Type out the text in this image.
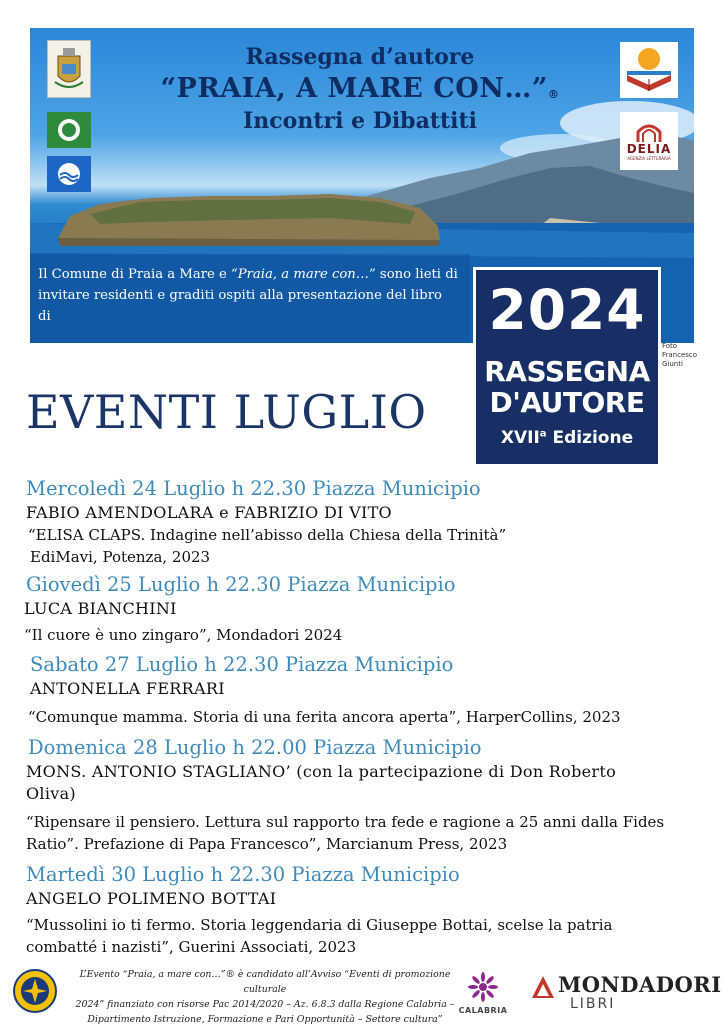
Rassegna d’autore
“PRAIA, A MARE CON…”®
Incontri e Dibattiti
DELIA
AGENZIA LETTERARIA
Il Comune di Praia a Mare e “Praia, a mare con…” sono lieti di invitare residenti e graditi ospiti alla presentazione del libro di	2024
RASSEGNA
D'AUTORE
XVII$^a$ Edizione
Foto
Francesco
Giunti
EVENTI LUGLIO
Mercoledì 24 Luglio h 22.30 Piazza Municipio
FABIO AMENDOLARA e FABRIZIO DI VITO
“ELISA CLAPS. Indagine nell’abisso della Chiesa della Trinità”
EdiMavi, Potenza, 2023
Giovedì 25 Luglio h 22.30 Piazza Municipio
LUCA BIANCHINI
“Il cuore è uno zingaro”, Mondadori 2024
Sabato 27 Luglio h 22.30 Piazza Municipio
ANTONELLA FERRARI
“Comunque mamma. Storia di una ferita ancora aperta”, HarperCollins, 2023
Domenica 28 Luglio h 22.00 Piazza Municipio
MONS. ANTONIO STAGLIANO’ (con la partecipazione di Don Roberto
Oliva)
“Ripensare il pensiero. Lettura sul rapporto tra fede e ragione a 25 anni dalla Fides
Ratio”. Prefazione di Papa Francesco”, Marcianum Press, 2023
Martedì 30 Luglio h 22.30 Piazza Municipio
ANGELO POLIMENO BOTTAI
“Mussolini io ti fermo. Storia leggendaria di Giuseppe Bottai, scelse la patria
combatté i nazisti”, Guerini Associati, 2023
L’Evento “Praia, a mare con…”® è candidato all’Avviso “Eventi di promozione culturale
2024” finanziato con risorse Pac 2014/2020 – Az. 6.8.3 dalla Regione Calabria –
Dipartimento Istruzione, Formazione e Pari Opportunità – Settore cultura”
CALABRIA
MONDADORI
LIBRI
